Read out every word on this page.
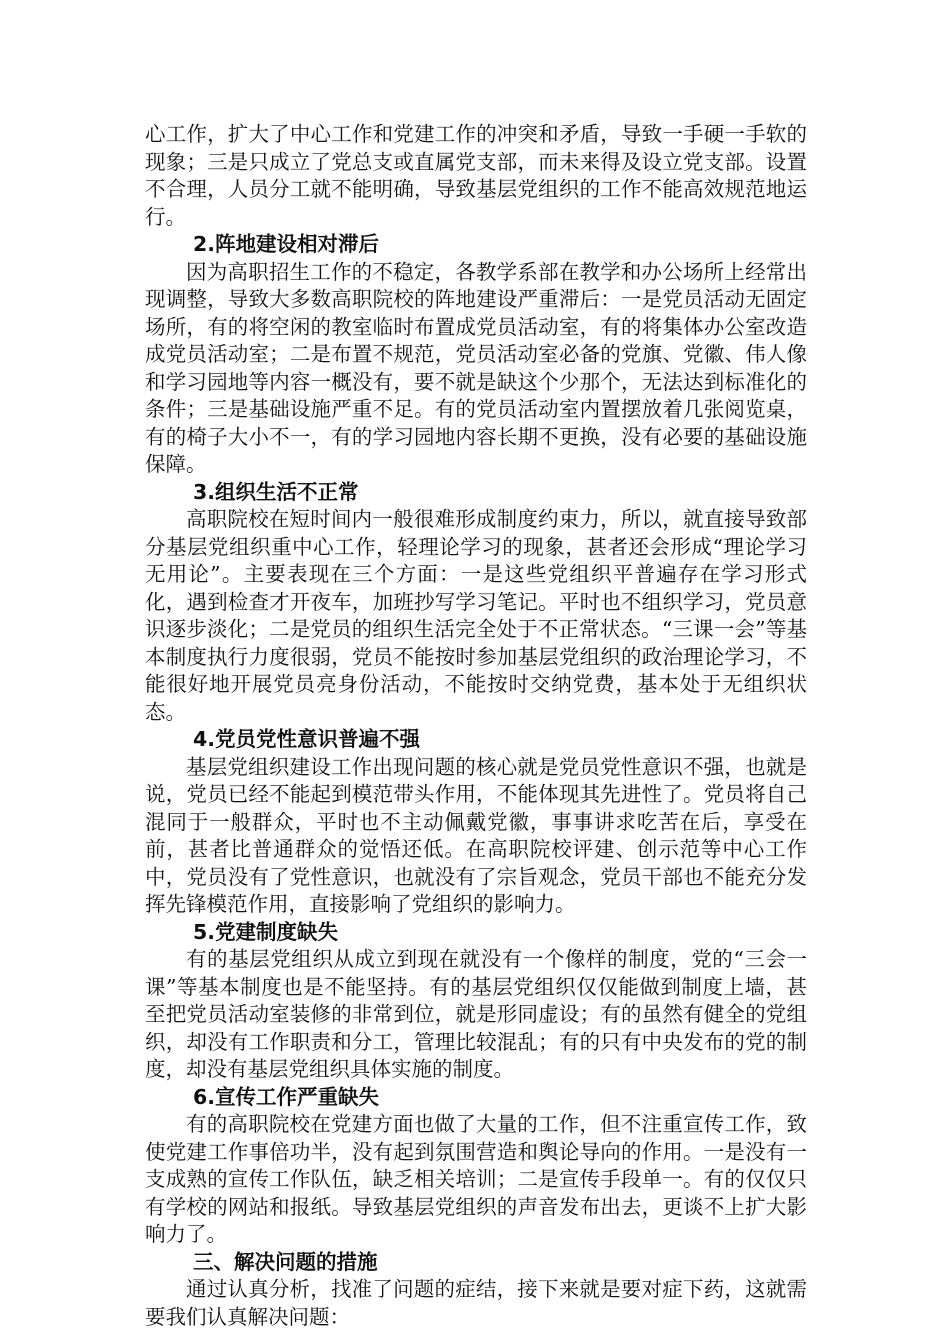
心工作，扩大了中心工作和党建工作的冲突和矛盾，导致一手硬一手软的现象；三是只成立了党总支或直属党支部，而未来得及设立党支部。设置不合理，人员分工就不能明确，导致基层党组织的工作不能高效规范地运行。

2.阵地建设相对滞后

因为高职招生工作的不稳定，各教学系部在教学和办公场所上经常出现调整，导致大多数高职院校的阵地建设严重滞后：一是党员活动无固定场所，有的将空闲的教室临时布置成党员活动室，有的将集体办公室改造成党员活动室；二是布置不规范，党员活动室必备的党旗、党徽、伟人像和学习园地等内容一概没有，要不就是缺这个少那个，无法达到标准化的条件；三是基础设施严重不足。有的党员活动室内置摆放着几张阅览桌，有的椅子大小不一，有的学习园地内容长期不更换，没有必要的基础设施保障。

3.组织生活不正常

高职院校在短时间内一般很难形成制度约束力，所以，就直接导致部分基层党组织重中心工作，轻理论学习的现象，甚者还会形成“理论学习无用论”。主要表现在三个方面：一是这些党组织平普遍存在学习形式化，遇到检查才开夜车，加班抄写学习笔记。平时也不组织学习，党员意识逐步淡化；二是党员的组织生活完全处于不正常状态。“三课一会”等基本制度执行力度很弱，党员不能按时参加基层党组织的政治理论学习，不能很好地开展党员亮身份活动，不能按时交纳党费，基本处于无组织状态。

4.党员党性意识普遍不强

基层党组织建设工作出现问题的核心就是党员党性意识不强，也就是说，党员已经不能起到模范带头作用，不能体现其先进性了。党员将自己混同于一般群众，平时也不主动佩戴党徽，事事讲求吃苦在后，享受在前，甚者比普通群众的觉悟还低。在高职院校评建、创示范等中心工作中，党员没有了党性意识，也就没有了宗旨观念，党员干部也不能充分发挥先锋模范作用，直接影响了党组织的影响力。

5.党建制度缺失

有的基层党组织从成立到现在就没有一个像样的制度，党的“三会一课”等基本制度也是不能坚持。有的基层党组织仅仅能做到制度上墙，甚至把党员活动室装修的非常到位，就是形同虚设；有的虽然有健全的党组织，却没有工作职责和分工，管理比较混乱；有的只有中央发布的党的制度，却没有基层党组织具体实施的制度。

6.宣传工作严重缺失

有的高职院校在党建方面也做了大量的工作，但不注重宣传工作，致使党建工作事倍功半，没有起到氛围营造和舆论导向的作用。一是没有一支成熟的宣传工作队伍，缺乏相关培训；二是宣传手段单一。有的仅仅只有学校的网站和报纸。导致基层党组织的声音发布出去，更谈不上扩大影响力了。

三、解决问题的措施

通过认真分析，找准了问题的症结，接下来就是要对症下药，这就需要我们认真解决问题：
